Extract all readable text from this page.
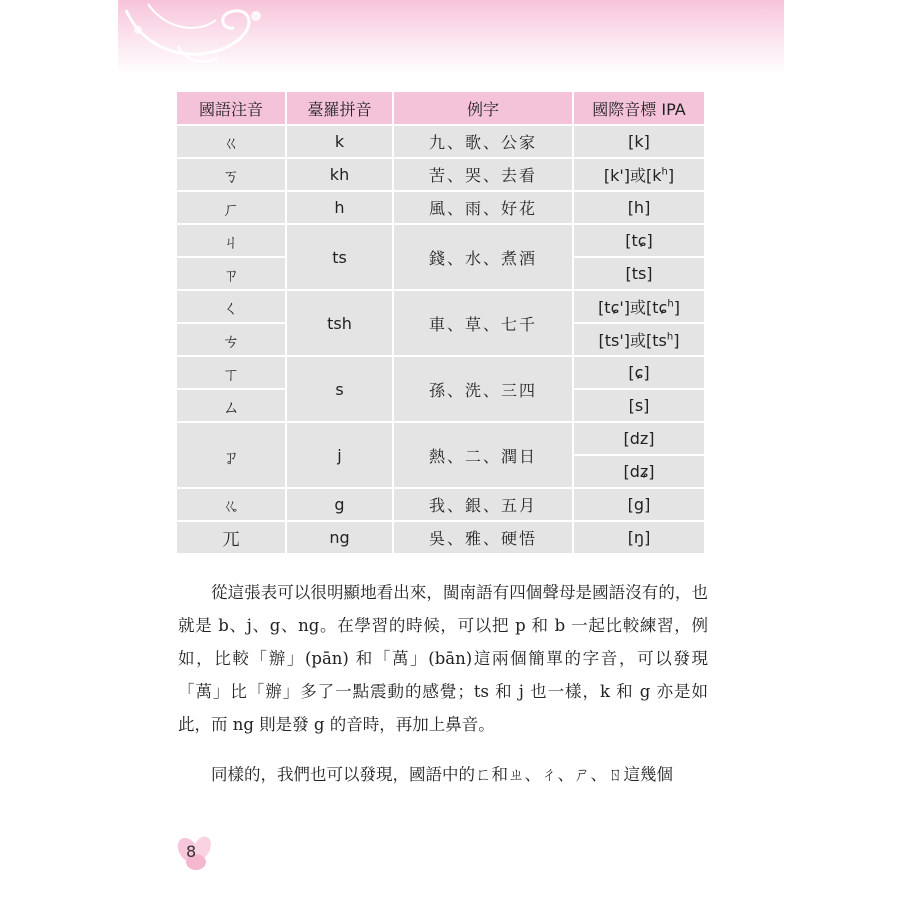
國語注音	臺羅拼音	例字	國際音標 IPA
ㄍ	k	九、歌、公家	[k]
ㄎ	kh	苦、哭、去看	[k']或$[k^h]$
ㄏ	h	風、雨、好花	[h]
ㄐ	ts	錢、水、煮酒	[tɕ]
ㄗ			[ts]
ㄑ	tsh	車、草、七千	[tɕ']或[tɕ$^h$]
ㄘ			[ts']或$[ts^h]$
ㄒ	s	孫、洗、三四	[ɕ]
ㄙ			[s]
ㆡ	j	熱、二、潤日	[dz]
			[dʑ]
ㆣ	g	我、銀、五月	[g]
ㄫ	ng	吳、雅、硬悟	[ŋ]

從這張表可以很明顯地看出來，閩南語有四個聲母是國語沒有的，也就是 b、j、g、ng。在學習的時候，可以把 p 和 b 一起比較練習，例如，比較「辦」(pān) 和「萬」(bān)這兩個簡單的字音，可以發現「萬」比「辦」多了一點震動的感覺；ts 和 j 也一樣，k 和 g 亦是如此，而 ng 則是發 g 的音時，再加上鼻音。

同樣的，我們也可以發現，國語中的ㄈ和ㄓ、ㄔ、ㄕ、ㄖ這幾個

8
